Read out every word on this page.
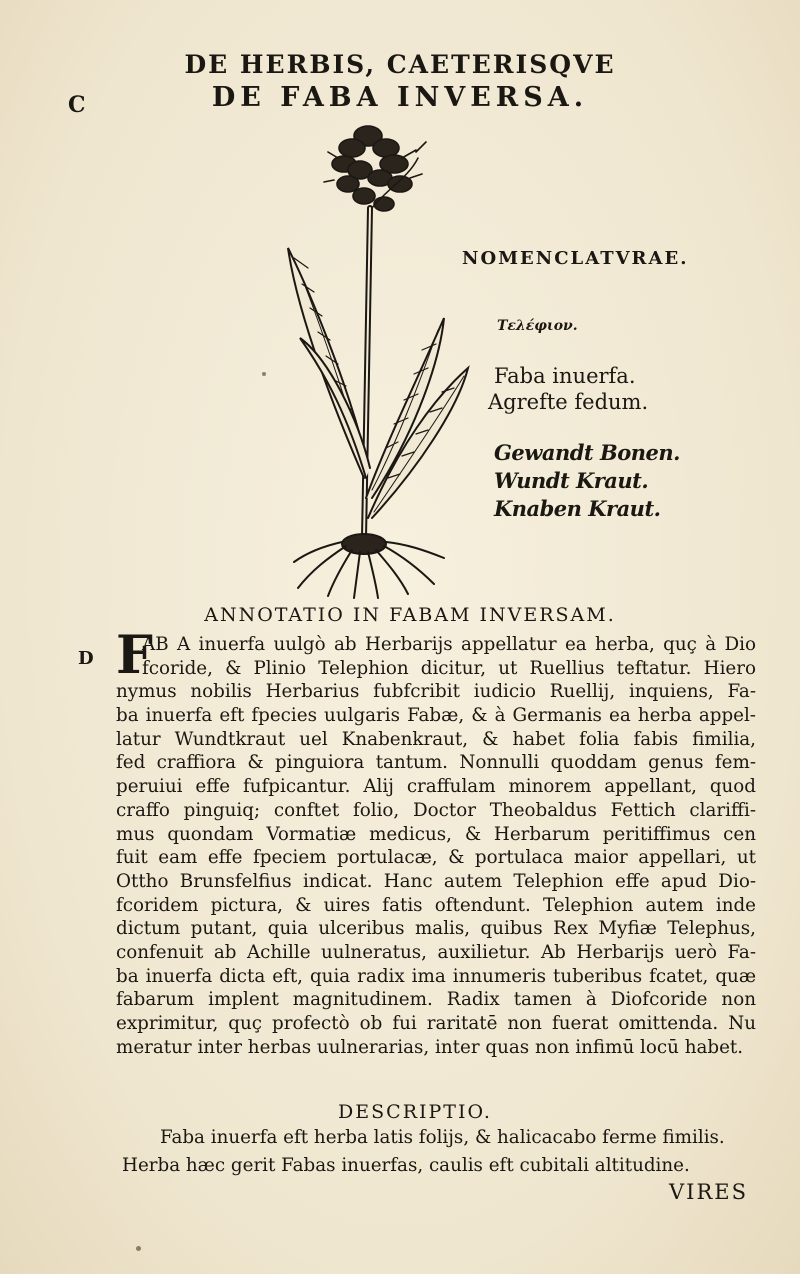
DE HERBIS, CAETERISQVE
DE FABA INVERSA.
C
D
NOMENCLATVRAE.
Τελέφιον.
Faba inuerfa.
Agrefte fedum.
Gewandt Bonen.
Wundt Kraut.
Knaben Kraut.
ANNOTATIO IN FABAM INVERSAM.
F
AB A inuerfa uulgò ab Herbarijs appellatur ea herba, quç à Dio
fcoride, & Plinio Telephion dicitur, ut Ruellius teftatur. Hiero
nymus nobilis Herbarius fubfcribit iudicio Ruellij, inquiens, Fa-
ba inuerfa eft fpecies uulgaris Fabæ, & à Germanis ea herba appel-
latur Wundtkraut uel Knabenkraut, & habet folia fabis fimilia,
fed craffiora & pinguiora tantum. Nonnulli quoddam genus fem-
peruiui effe fufpicantur. Alij craffulam minorem appellant, quod
craffo pinguiq; conftet folio, Doctor Theobaldus Fettich clariffi-
mus quondam Vormatiæ medicus, & Herbarum peritiffimus cen
fuit eam effe fpeciem portulacæ, & portulaca maior appellari, ut
Ottho Brunsfelfius indicat. Hanc autem Telephion effe apud Dio-
fcoridem pictura, & uires fatis oftendunt. Telephion autem inde
dictum putant, quia ulceribus malis, quibus Rex Myfiæ Telephus,
confenuit ab Achille uulneratus, auxilietur. Ab Herbarijs uerò Fa-
ba inuerfa dicta eft, quia radix ima innumeris tuberibus fcatet, quæ
fabarum implent magnitudinem. Radix tamen à Diofcoride non
exprimitur, quç profectò ob fui raritatē non fuerat omittenda. Nu
meratur inter herbas uulnerarias, inter quas non infimū locū habet.
DESCRIPTIO.
Faba inuerfa eft herba latis folijs, & halicacabo ferme fimilis.
Herba hæc gerit Fabas inuerfas, caulis eft cubitali altitudine.
VIRES
